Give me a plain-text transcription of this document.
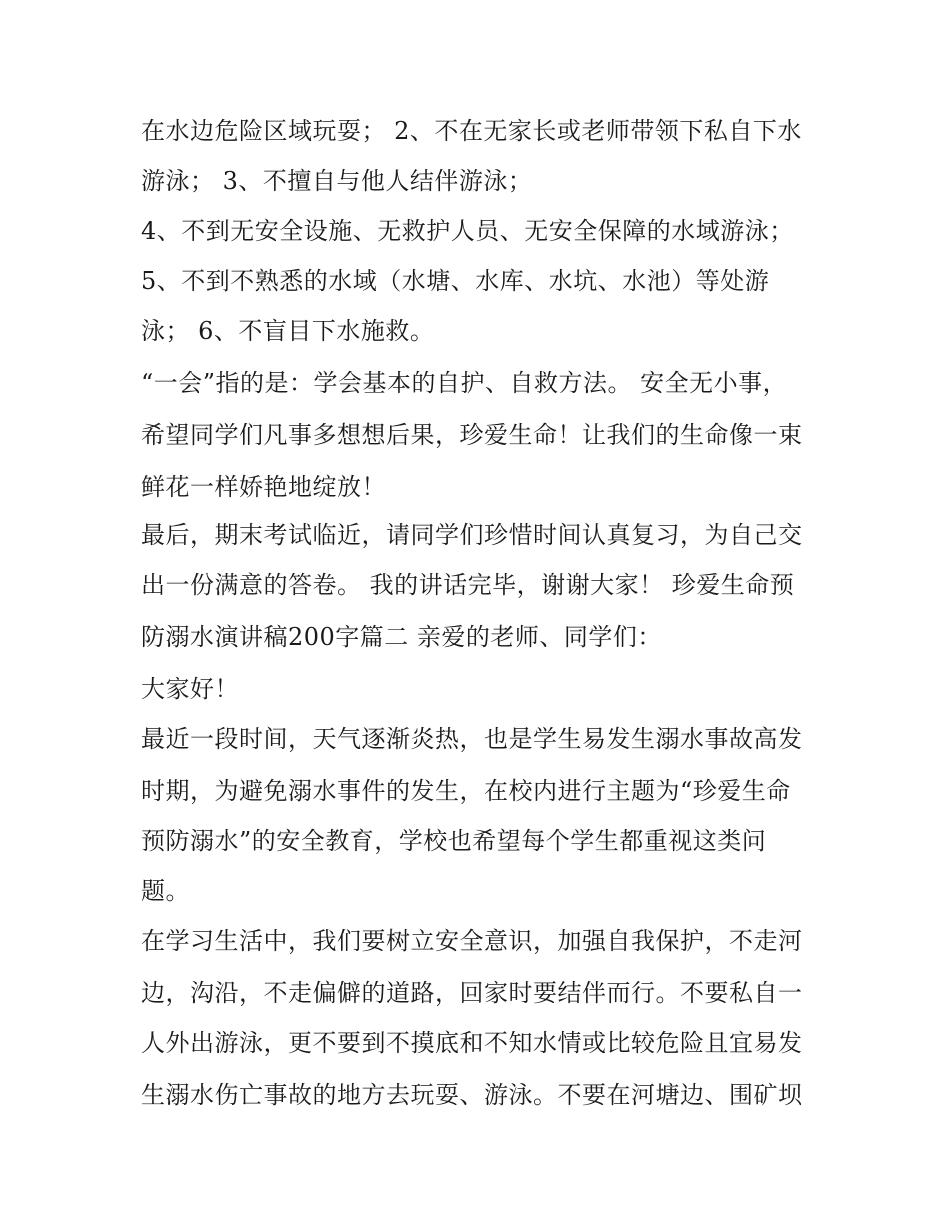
在水边危险区域玩耍； 2、不在无家长或老师带领下私自下水
游泳； 3、不擅自与他人结伴游泳；
4、不到无安全设施、无救护人员、无安全保障的水域游泳；
5、不到不熟悉的水域（水塘、水库、水坑、水池）等处游
泳； 6、不盲目下水施救。
“一会”指的是：学会基本的自护、自救方法。 安全无小事，
希望同学们凡事多想想后果，珍爱生命！让我们的生命像一束
鲜花一样娇艳地绽放！
最后，期末考试临近，请同学们珍惜时间认真复习，为自己交
出一份满意的答卷。 我的讲话完毕，谢谢大家！ 珍爱生命预
防溺水演讲稿200字篇二 亲爱的老师、同学们：
大家好！
最近一段时间，天气逐渐炎热，也是学生易发生溺水事故高发
时期，为避免溺水事件的发生，在校内进行主题为“珍爱生命
预防溺水”的安全教育，学校也希望每个学生都重视这类问
题。
在学习生活中，我们要树立安全意识，加强自我保护，不走河
边，沟沿，不走偏僻的道路，回家时要结伴而行。不要私自一
人外出游泳，更不要到不摸底和不知水情或比较危险且宜易发
生溺水伤亡事故的地方去玩耍、游泳。不要在河塘边、围矿坝
